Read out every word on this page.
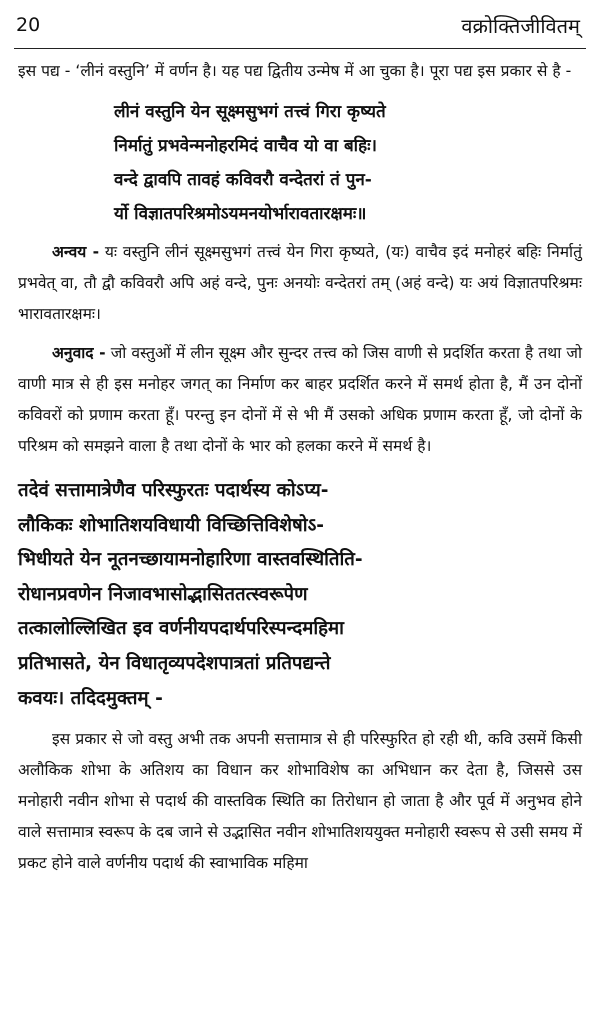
20	वक्रोक्तिजीवितम्

इस पद्य - ‘लीनं वस्तुनि’ में वर्णन है। यह पद्य द्वितीय उन्मेष में आ चुका है। पूरा पद्य इस प्रकार से है -

लीनं वस्तुनि येन सूक्ष्मसुभगं तत्त्वं गिरा कृष्यते
निर्मातुं प्रभवेन्मनोहरमिदं वाचैव यो वा बहिः।
वन्दे द्वावपि तावहं कविवरौ वन्देतरां तं पुन-
र्यो विज्ञातपरिश्रमोऽयमनयोर्भारावतारक्षमः॥

अन्वय - यः वस्तुनि लीनं सूक्ष्मसुभगं तत्त्वं येन गिरा कृष्यते, (यः) वाचैव इदं मनोहरं बहिः निर्मातुं प्रभवेत् वा, तौ द्वौ कविवरौ अपि अहं वन्दे, पुनः अनयोः वन्देतरां तम् (अहं वन्दे) यः अयं विज्ञातपरिश्रमः भारावतारक्षमः।

अनुवाद - जो वस्तुओं में लीन सूक्ष्म और सुन्दर तत्त्व को जिस वाणी से प्रदर्शित करता है तथा जो वाणी मात्र से ही इस मनोहर जगत् का निर्माण कर बाहर प्रदर्शित करने में समर्थ होता है, मैं उन दोनों कविवरों को प्रणाम करता हूँ। परन्तु इन दोनों में से भी मैं उसको अधिक प्रणाम करता हूँ, जो दोनों के परिश्रम को समझने वाला है तथा दोनों के भार को हलका करने में समर्थ है।

तदेवं सत्तामात्रेणैव परिस्फुरतः पदार्थस्य कोऽप्य-
लौकिकः शोभातिशयविधायी विच्छित्तिविशेषोऽ-
भिधीयते येन नूतनच्छायामनोहारिणा वास्तवस्थितिति-
रोधानप्रवणेन निजावभासोद्भासिततत्स्वरूपेण
तत्कालोल्लिखित इव वर्णनीयपदार्थपरिस्पन्दमहिमा
प्रतिभासते, येन विधातृव्यपदेशपात्रतां प्रतिपद्यन्ते
कवयः। तदिदमुक्तम् -

इस प्रकार से जो वस्तु अभी तक अपनी सत्तामात्र से ही परिस्फुरित हो रही थी, कवि उसमें किसी अलौकिक शोभा के अतिशय का विधान कर शोभाविशेष का अभिधान कर देता है, जिससे उस मनोहारी नवीन शोभा से पदार्थ की वास्तविक स्थिति का तिरोधान हो जाता है और पूर्व में अनुभव होने वाले सत्तामात्र स्वरूप के दब जाने से उद्भासित नवीन शोभातिशययुक्त मनोहारी स्वरूप से उसी समय में प्रकट होने वाले वर्णनीय पदार्थ की स्वाभाविक महिमा
